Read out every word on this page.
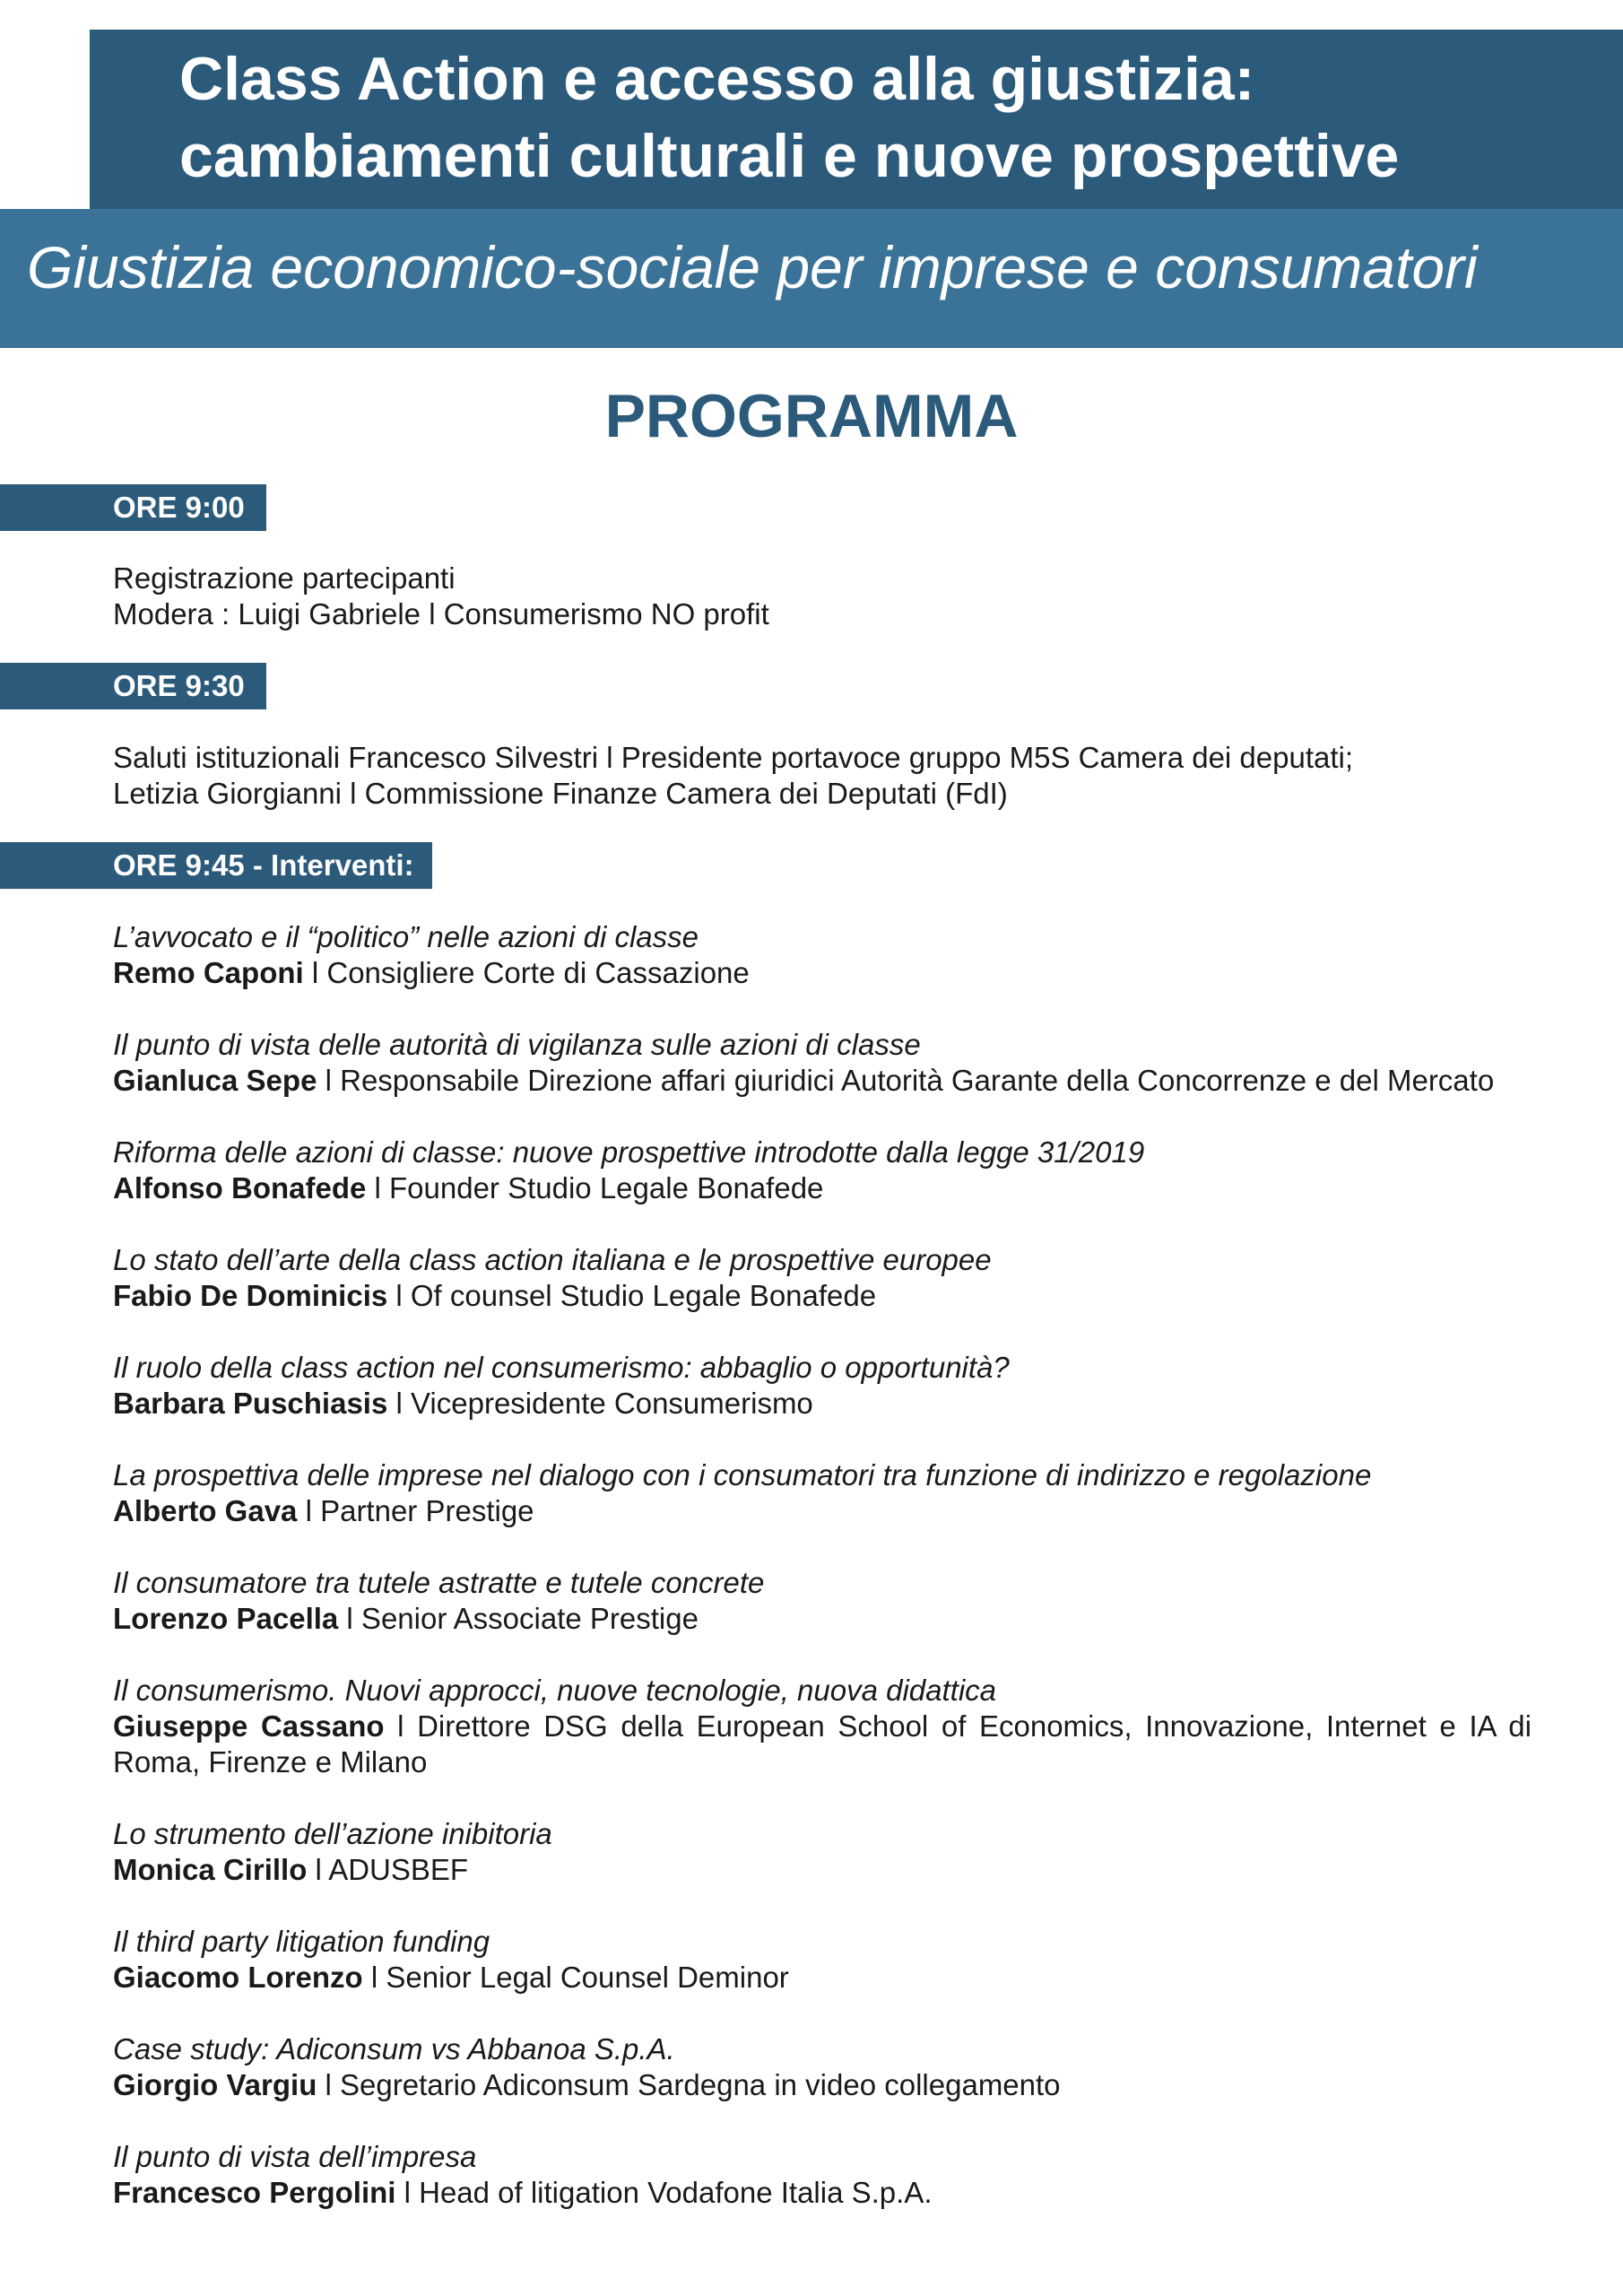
Class Action e accesso alla giustizia:
cambiamenti culturali e nuove prospettive
Giustizia economico-sociale per imprese e consumatori
PROGRAMMA
ORE 9:00
Registrazione partecipanti
Modera : Luigi Gabriele l Consumerismo NO profit
ORE 9:30
Saluti istituzionali Francesco Silvestri l Presidente portavoce gruppo M5S Camera dei deputati;
Letizia Giorgianni l Commissione Finanze Camera dei Deputati (FdI)
ORE 9:45 - Interventi:
L’avvocato e il “politico” nelle azioni di classe
Remo Caponi l Consigliere Corte di Cassazione
Il punto di vista delle autorità di vigilanza sulle azioni di classe
Gianluca Sepe l Responsabile Direzione affari giuridici Autorità Garante della Concorrenze e del Mercato
Riforma delle azioni di classe: nuove prospettive introdotte dalla legge 31/2019
Alfonso Bonafede l Founder Studio Legale Bonafede
Lo stato dell’arte della class action italiana e le prospettive europee
Fabio De Dominicis l Of counsel Studio Legale Bonafede
Il ruolo della class action nel consumerismo: abbaglio o opportunità?
Barbara Puschiasis l Vicepresidente Consumerismo
La prospettiva delle imprese nel dialogo con i consumatori tra funzione di indirizzo e regolazione
Alberto Gava l Partner Prestige
Il consumatore tra tutele astratte e tutele concrete
Lorenzo Pacella l Senior Associate Prestige
Il consumerismo. Nuovi approcci, nuove tecnologie, nuova didattica
Giuseppe Cassano l Direttore DSG della European School of Economics, Innovazione, Internet e IA di Roma, Firenze e Milano
Lo strumento dell’azione inibitoria
Monica Cirillo l ADUSBEF
Il third party litigation funding
Giacomo Lorenzo l Senior Legal Counsel Deminor
Case study: Adiconsum vs Abbanoa S.p.A.
Giorgio Vargiu l Segretario Adiconsum Sardegna in video collegamento
Il punto di vista dell’impresa
Francesco Pergolini l Head of litigation Vodafone Italia S.p.A.
